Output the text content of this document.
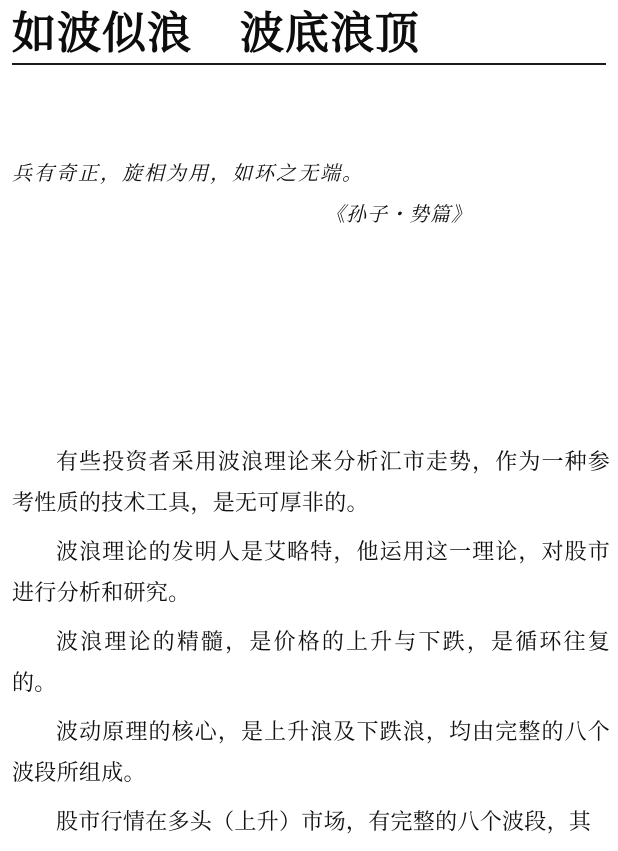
如波似浪 波底浪顶

兵有奇正，旋相为用，如环之无端。

《孙子・势篇》

有些投资者采用波浪理论来分析汇市走势，作为一种参考性质的技术工具，是无可厚非的。

波浪理论的发明人是艾略特，他运用这一理论，对股市进行分析和研究。

波浪理论的精髓，是价格的上升与下跌，是循环往复的。

波动原理的核心，是上升浪及下跌浪，均由完整的八个波段所组成。

股市行情在多头（上升）市场，有完整的八个波段，其
